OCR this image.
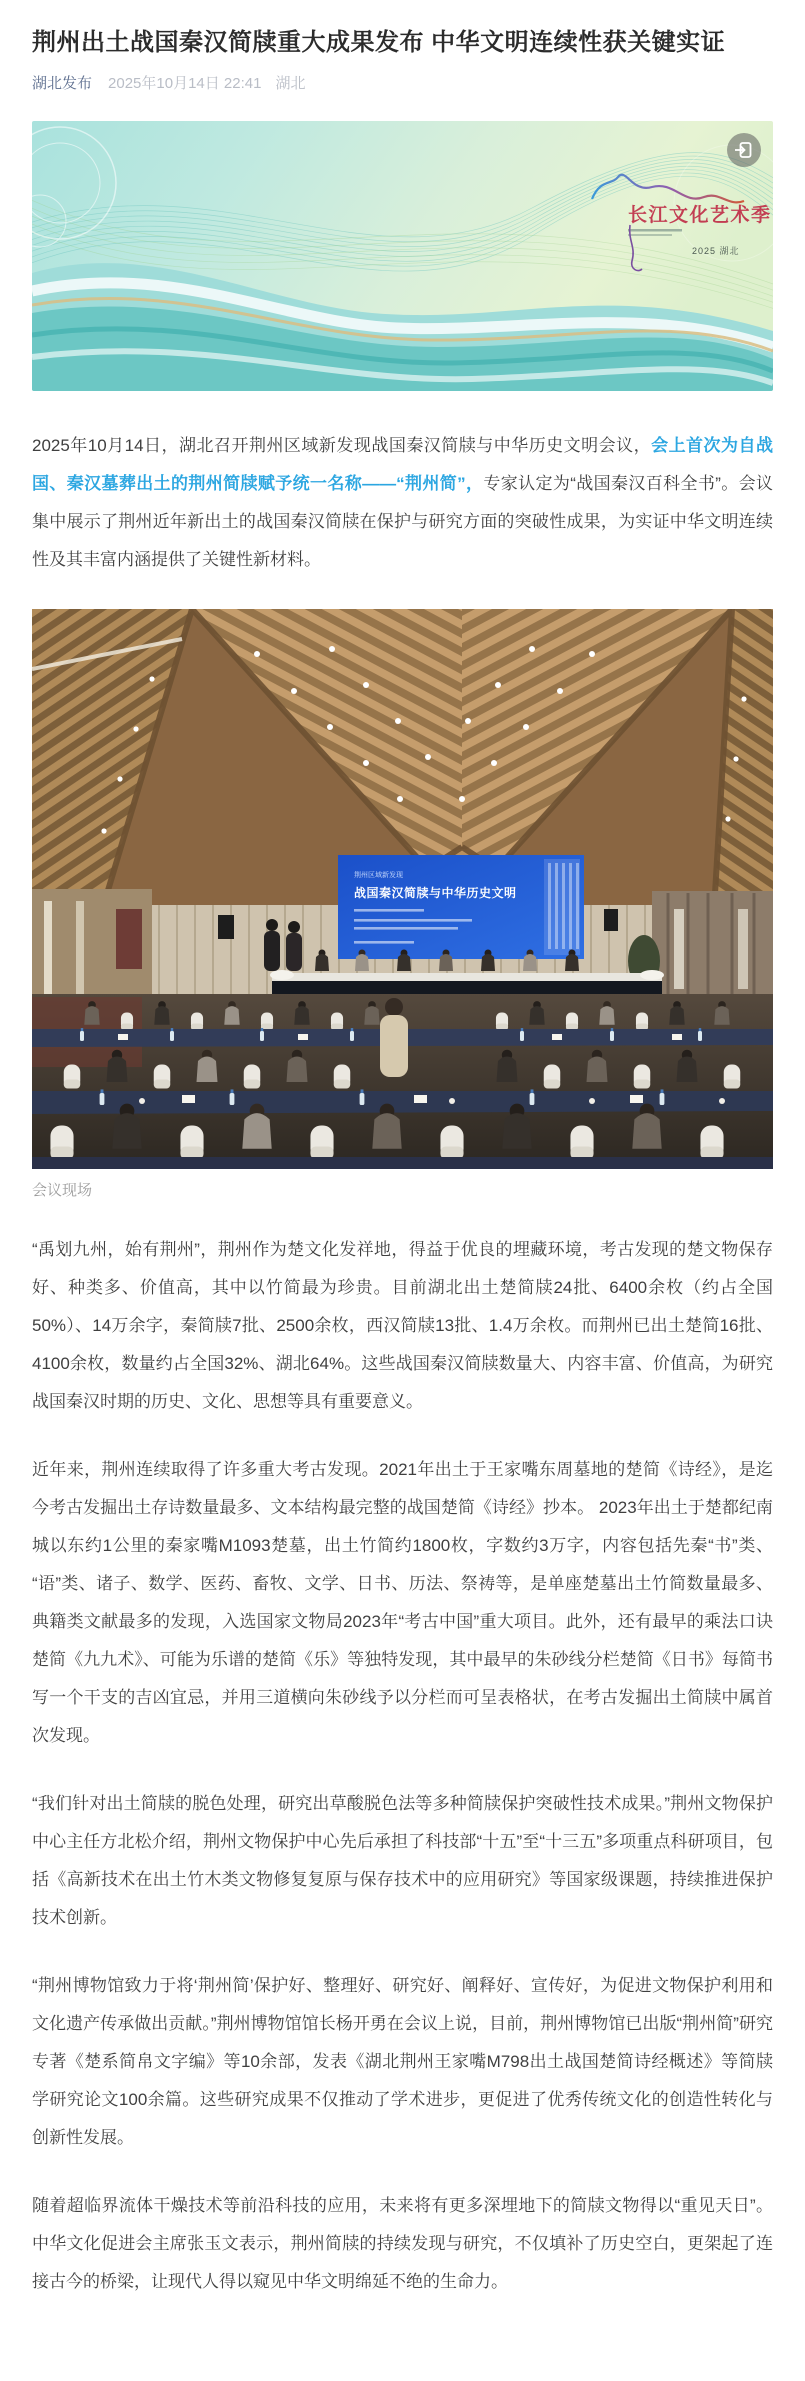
荆州出土战国秦汉简牍重大成果发布 中华文明连续性获关键实证
湖北发布 2025年10月14日 22:41 湖北
长江文化艺术季
2025 湖北

2025年10月14日，湖北召开荆州区域新发现战国秦汉简牍与中华历史文明会议，会上首次为自战国、秦汉墓葬出土的荆州简牍赋予统一名称——“荆州简”，专家认定为“战国秦汉百科全书”。会议集中展示了荆州近年新出土的战国秦汉简牍在保护与研究方面的突破性成果，为实证中华文明连续性及其丰富内涵提供了关键性新材料。

荆州区域新发现
战国秦汉简牍与中华历史文明
会议现场

“禹划九州，始有荆州”，荆州作为楚文化发祥地，得益于优良的埋藏环境，考古发现的楚文物保存好、种类多、价值高，其中以竹简最为珍贵。目前湖北出土楚简牍24批、6400余枚（约占全国50%）、14万余字，秦简牍7批、2500余枚，西汉简牍13批、1.4万余枚。而荆州已出土楚简16批、4100余枚，数量约占全国32%、湖北64%。这些战国秦汉简牍数量大、内容丰富、价值高，为研究战国秦汉时期的历史、文化、思想等具有重要意义。

近年来，荆州连续取得了许多重大考古发现。2021年出土于王家嘴东周墓地的楚简《诗经》，是迄今考古发掘出土存诗数量最多、文本结构最完整的战国楚简《诗经》抄本。 2023年出土于楚都纪南城以东约1公里的秦家嘴M1093楚墓，出土竹简约1800枚，字数约3万字，内容包括先秦“书”类、“语”类、诸子、数学、医药、畜牧、文学、日书、历法、祭祷等，是单座楚墓出土竹简数量最多、典籍类文献最多的发现，入选国家文物局2023年“考古中国”重大项目。此外，还有最早的乘法口诀楚简《九九术》、可能为乐谱的楚简《乐》等独特发现，其中最早的朱砂线分栏楚简《日书》每简书写一个干支的吉凶宜忌，并用三道横向朱砂线予以分栏而可呈表格状，在考古发掘出土简牍中属首次发现。

“我们针对出土简牍的脱色处理，研究出草酸脱色法等多种简牍保护突破性技术成果。”荆州文物保护中心主任方北松介绍，荆州文物保护中心先后承担了科技部“十五”至“十三五”多项重点科研项目，包括《高新技术在出土竹木类文物修复复原与保存技术中的应用研究》等国家级课题，持续推进保护技术创新。

“荆州博物馆致力于将‘荆州简’保护好、整理好、研究好、阐释好、宣传好，为促进文物保护利用和文化遗产传承做出贡献。”荆州博物馆馆长杨开勇在会议上说，目前，荆州博物馆已出版“荆州简”研究专著《楚系简帛文字编》等10余部，发表《湖北荆州王家嘴M798出土战国楚简诗经概述》等简牍学研究论文100余篇。这些研究成果不仅推动了学术进步，更促进了优秀传统文化的创造性转化与创新性发展。

随着超临界流体干燥技术等前沿科技的应用，未来将有更多深埋地下的简牍文物得以“重见天日”。中华文化促进会主席张玉文表示，荆州简牍的持续发现与研究，不仅填补了历史空白，更架起了连接古今的桥梁，让现代人得以窥见中华文明绵延不绝的生命力。
